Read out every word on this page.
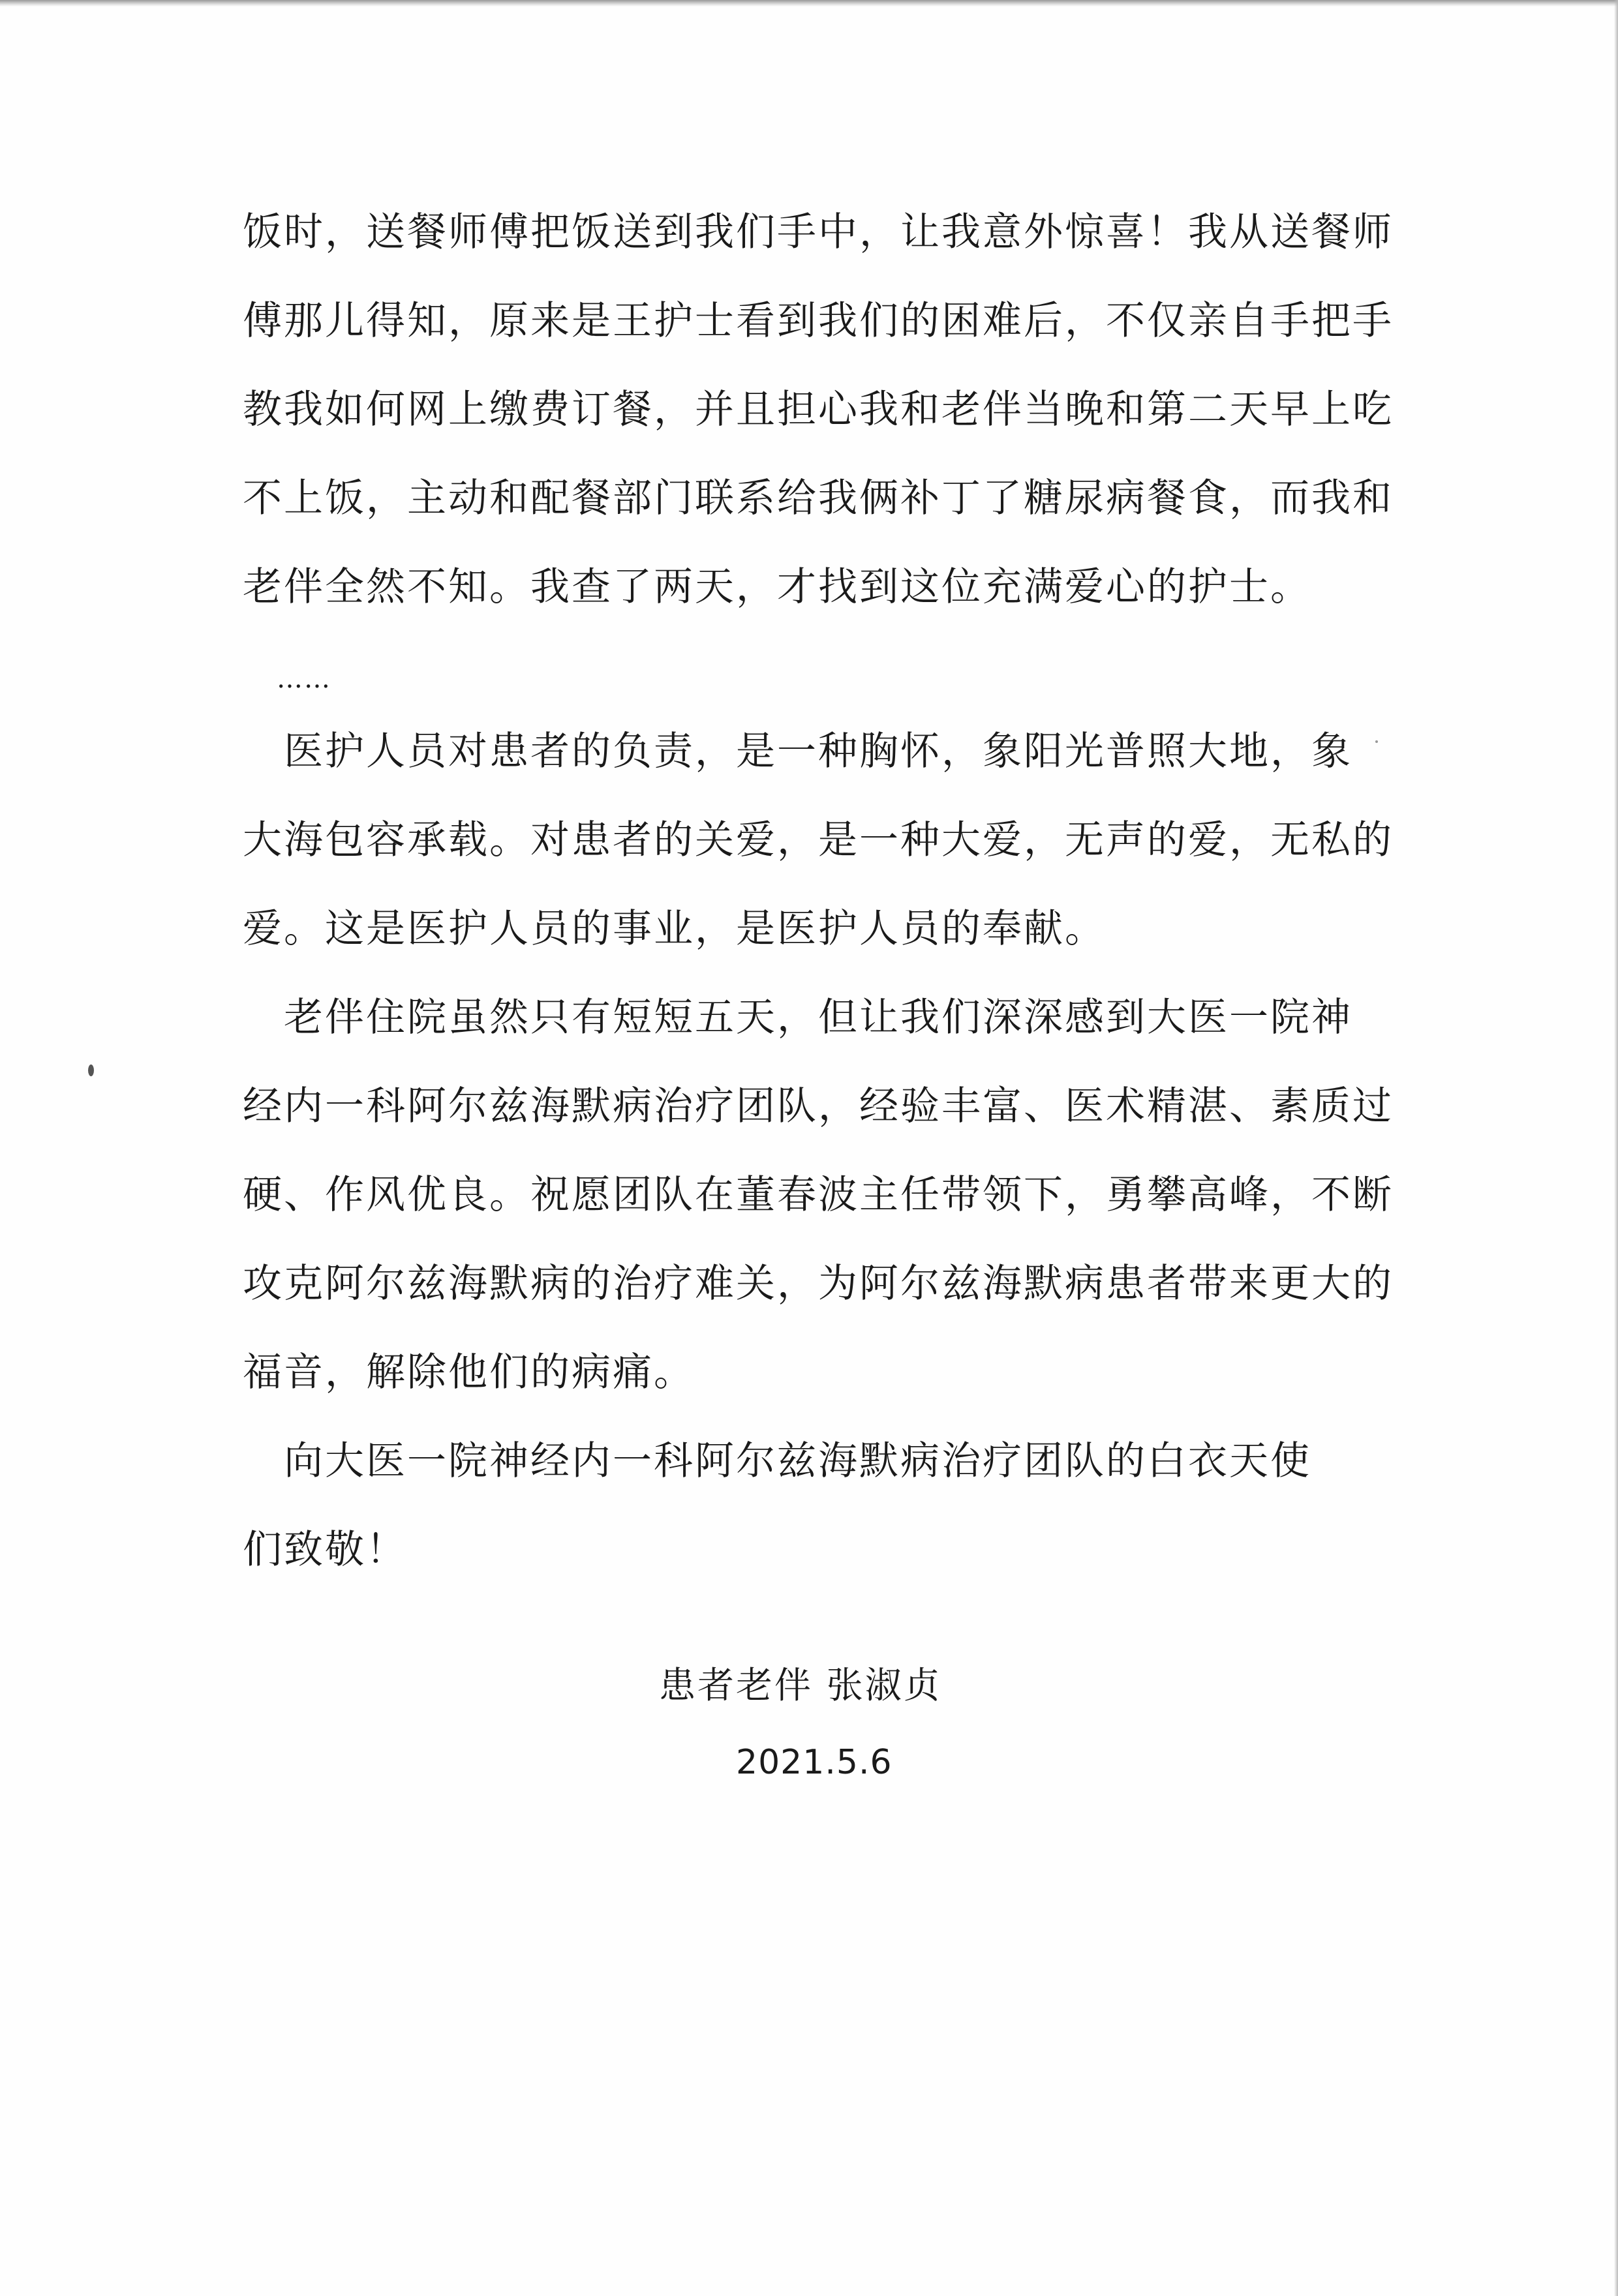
饭时，送餐师傅把饭送到我们手中，让我意外惊喜！我从送餐师
傅那儿得知，原来是王护士看到我们的困难后，不仅亲自手把手
教我如何网上缴费订餐，并且担心我和老伴当晚和第二天早上吃
不上饭，主动和配餐部门联系给我俩补丁了糖尿病餐食，而我和
老伴全然不知。我查了两天，才找到这位充满爱心的护士。
……
　医护人员对患者的负责，是一种胸怀，象阳光普照大地，象
大海包容承载。对患者的关爱，是一种大爱，无声的爱，无私的
爱。这是医护人员的事业，是医护人员的奉献。
　老伴住院虽然只有短短五天，但让我们深深感到大医一院神
经内一科阿尔兹海默病治疗团队，经验丰富、医术精湛、素质过
硬、作风优良。祝愿团队在董春波主任带领下，勇攀高峰，不断
攻克阿尔兹海默病的治疗难关，为阿尔兹海默病患者带来更大的
福音，解除他们的病痛。
　向大医一院神经内一科阿尔兹海默病治疗团队的白衣天使
们致敬！
患者老伴 张淑贞
2021.5.6
